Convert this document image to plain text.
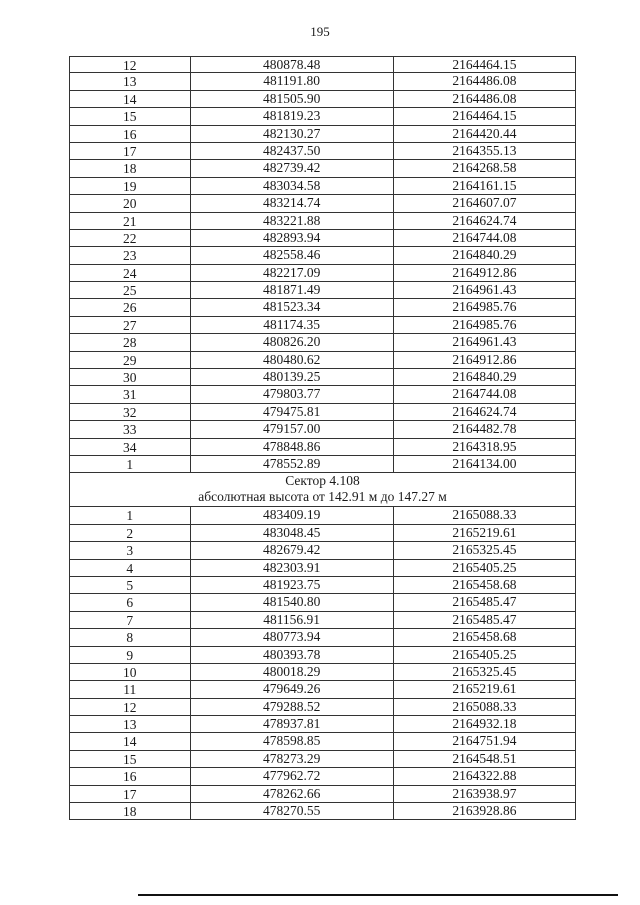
195
12	480878.48	2164464.15
13	481191.80	2164486.08
14	481505.90	2164486.08
15	481819.23	2164464.15
16	482130.27	2164420.44
17	482437.50	2164355.13
18	482739.42	2164268.58
19	483034.58	2164161.15
20	483214.74	2164607.07
21	483221.88	2164624.74
22	482893.94	2164744.08
23	482558.46	2164840.29
24	482217.09	2164912.86
25	481871.49	2164961.43
26	481523.34	2164985.76
27	481174.35	2164985.76
28	480826.20	2164961.43
29	480480.62	2164912.86
30	480139.25	2164840.29
31	479803.77	2164744.08
32	479475.81	2164624.74
33	479157.00	2164482.78
34	478848.86	2164318.95
1	478552.89	2164134.00
Сектор 4.108
абсолютная высота от 142.91 м до 147.27 м
1	483409.19	2165088.33
2	483048.45	2165219.61
3	482679.42	2165325.45
4	482303.91	2165405.25
5	481923.75	2165458.68
6	481540.80	2165485.47
7	481156.91	2165485.47
8	480773.94	2165458.68
9	480393.78	2165405.25
10	480018.29	2165325.45
11	479649.26	2165219.61
12	479288.52	2165088.33
13	478937.81	2164932.18
14	478598.85	2164751.94
15	478273.29	2164548.51
16	477962.72	2164322.88
17	478262.66	2163938.97
18	478270.55	2163928.86
